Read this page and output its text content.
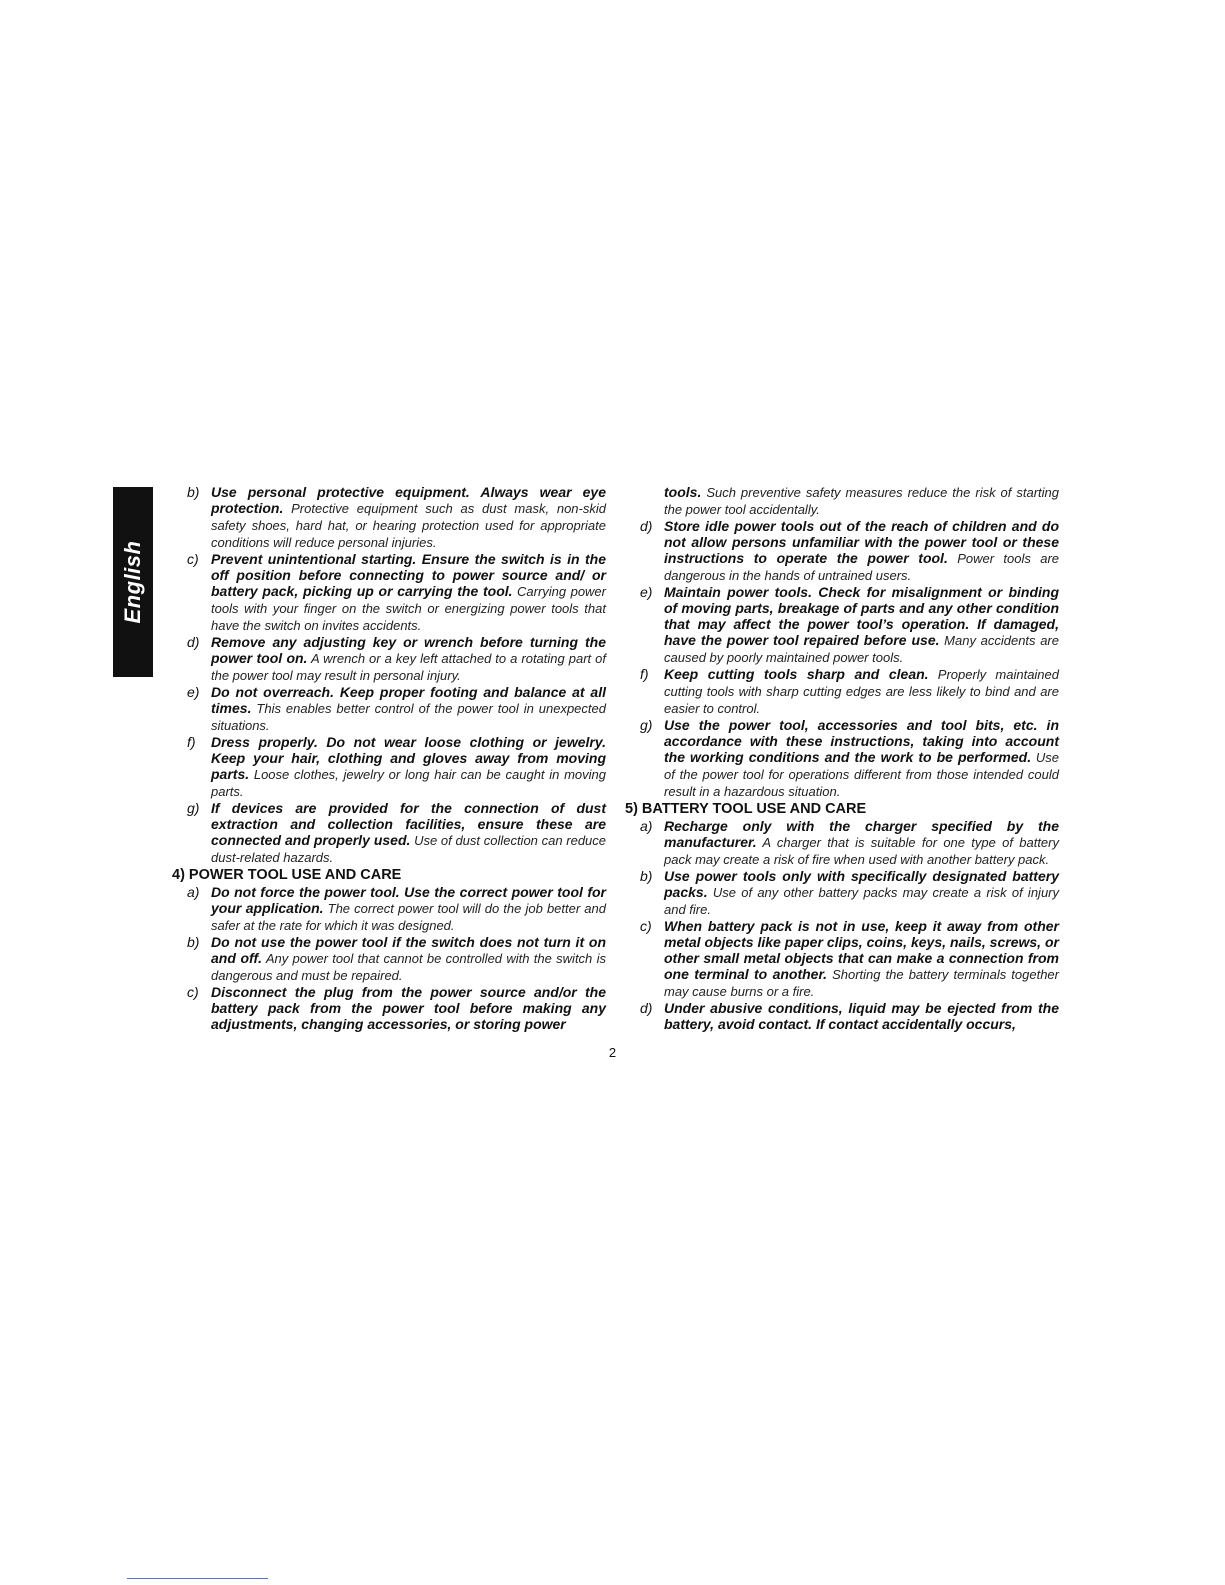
English

b) Use personal protective equipment. Always wear eye protection. Protective equipment such as dust mask, non-skid safety shoes, hard hat, or hearing protection used for appropriate conditions will reduce personal injuries.

c) Prevent unintentional starting. Ensure the switch is in the off position before connecting to power source and/ or battery pack, picking up or carrying the tool. Carrying power tools with your finger on the switch or energizing power tools that have the switch on invites accidents.

d) Remove any adjusting key or wrench before turning the power tool on. A wrench or a key left attached to a rotating part of the power tool may result in personal injury.

e) Do not overreach. Keep proper footing and balance at all times. This enables better control of the power tool in unexpected situations.

f) Dress properly. Do not wear loose clothing or jewelry. Keep your hair, clothing and gloves away from moving parts. Loose clothes, jewelry or long hair can be caught in moving parts.

g) If devices are provided for the connection of dust extraction and collection facilities, ensure these are connected and properly used. Use of dust collection can reduce dust-related hazards.

4) POWER TOOL USE AND CARE

a) Do not force the power tool. Use the correct power tool for your application. The correct power tool will do the job better and safer at the rate for which it was designed.

b) Do not use the power tool if the switch does not turn it on and off. Any power tool that cannot be controlled with the switch is dangerous and must be repaired.

c) Disconnect the plug from the power source and/or the battery pack from the power tool before making any adjustments, changing accessories, or storing power

tools. Such preventive safety measures reduce the risk of starting the power tool accidentally.

d) Store idle power tools out of the reach of children and do not allow persons unfamiliar with the power tool or these instructions to operate the power tool. Power tools are dangerous in the hands of untrained users.

e) Maintain power tools. Check for misalignment or binding of moving parts, breakage of parts and any other condition that may affect the power tool’s operation. If damaged, have the power tool repaired before use. Many accidents are caused by poorly maintained power tools.

f) Keep cutting tools sharp and clean. Properly maintained cutting tools with sharp cutting edges are less likely to bind and are easier to control.

g) Use the power tool, accessories and tool bits, etc. in accordance with these instructions, taking into account the working conditions and the work to be performed. Use of the power tool for operations different from those intended could result in a hazardous situation.

5) BATTERY TOOL USE AND CARE

a) Recharge only with the charger specified by the manufacturer. A charger that is suitable for one type of battery pack may create a risk of fire when used with another battery pack.

b) Use power tools only with specifically designated battery packs. Use of any other battery packs may create a risk of injury and fire.

c) When battery pack is not in use, keep it away from other metal objects like paper clips, coins, keys, nails, screws, or other small metal objects that can make a connection from one terminal to another. Shorting the battery terminals together may cause burns or a fire.

d) Under abusive conditions, liquid may be ejected from the battery, avoid contact. If contact accidentally occurs,

2
